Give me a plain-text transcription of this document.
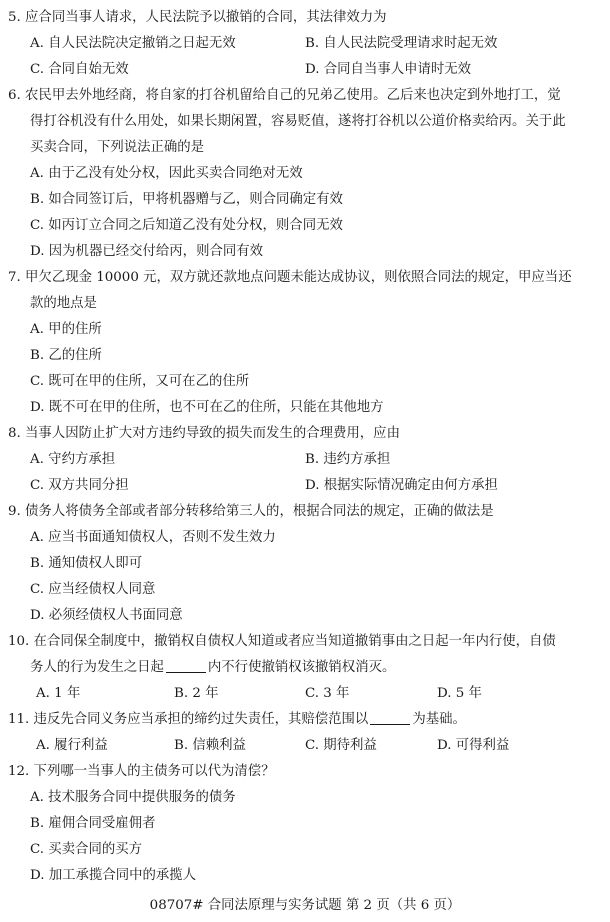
5. 应合同当事人请求，人民法院予以撤销的合同，其法律效力为
A. 自人民法院决定撤销之日起无效	B. 自人民法院受理请求时起无效
C. 合同自始无效	D. 合同自当事人申请时无效
6. 农民甲去外地经商，将自家的打谷机留给自己的兄弟乙使用。乙后来也决定到外地打工，觉
得打谷机没有什么用处，如果长期闲置，容易贬值，遂将打谷机以公道价格卖给丙。关于此
买卖合同，下列说法正确的是
A. 由于乙没有处分权，因此买卖合同绝对无效
B. 如合同签订后，甲将机器赠与乙，则合同确定有效
C. 如丙订立合同之后知道乙没有处分权，则合同无效
D. 因为机器已经交付给丙，则合同有效
7. 甲欠乙现金 10000 元，双方就还款地点问题未能达成协议，则依照合同法的规定，甲应当还
款的地点是
A. 甲的住所
B. 乙的住所
C. 既可在甲的住所，又可在乙的住所
D. 既不可在甲的住所，也不可在乙的住所，只能在其他地方
8. 当事人因防止扩大对方违约导致的损失而发生的合理费用，应由
A. 守约方承担	B. 违约方承担
C. 双方共同分担	D. 根据实际情况确定由何方承担
9. 债务人将债务全部或者部分转移给第三人的，根据合同法的规定，正确的做法是
A. 应当书面通知债权人，否则不发生效力
B. 通知债权人即可
C. 应当经债权人同意
D. 必须经债权人书面同意
10. 在合同保全制度中，撤销权自债权人知道或者应当知道撤销事由之日起一年内行使，自债
务人的行为发生之日起	内不行使撤销权该撤销权消灭。
A. 1 年	B. 2 年	C. 3 年	D. 5 年
11. 违反先合同义务应当承担的缔约过失责任，其赔偿范围以	为基础。
A. 履行利益	B. 信赖利益	C. 期待利益	D. 可得利益
12. 下列哪一当事人的主债务可以代为清偿？
A. 技术服务合同中提供服务的债务
B. 雇佣合同受雇佣者
C. 买卖合同的买方
D. 加工承揽合同中的承揽人
08707# 合同法原理与实务试题 第 2 页（共 6 页）
